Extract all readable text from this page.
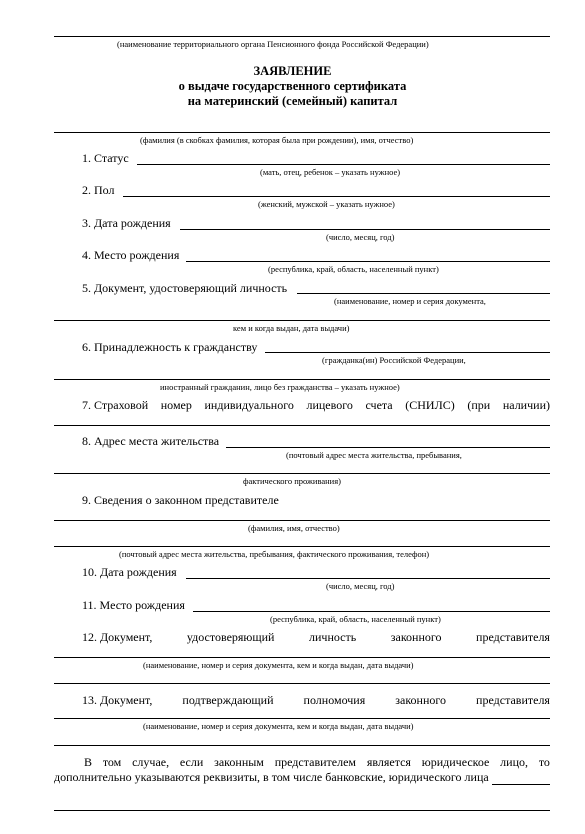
(наименование территориального органа Пенсионного фонда Российской Федерации)
ЗАЯВЛЕНИЕ
о выдаче государственного сертификата
на материнский (семейный) капитал
(фамилия (в скобках фамилия, которая была при рождении), имя, отчество)
1. Статус
(мать, отец, ребенок – указать нужное)
2. Пол
(женский, мужской – указать нужное)
3. Дата рождения
(число, месяц, год)
4. Место рождения
(республика, край, область, населенный пункт)
5. Документ, удостоверяющий личность
(наименование, номер и серия документа,
кем и когда выдан, дата выдачи)
6. Принадлежность к гражданству
(гражданка(ин) Российской Федерации,
иностранный гражданин, лицо без гражданства – указать нужное)
7. Страховой номер индивидуального лицевого счета (СНИЛС) (при наличии)
8. Адрес места жительства
(почтовый адрес места жительства, пребывания,
фактического проживания)
9. Сведения о законном представителе
(фамилия, имя, отчество)
(почтовый адрес места жительства, пребывания, фактического проживания, телефон)
10. Дата рождения
(число, месяц, год)
11. Место рождения
(республика, край, область, населенный пункт)
12. Документ,	удостоверяющий	личность	законного	представителя
(наименование, номер и серия документа, кем и когда выдан, дата выдачи)
13. Документ,	подтверждающий	полномочия	законного	представителя
(наименование, номер и серия документа, кем и когда выдан, дата выдачи)
В том случае, если законным представителем является юридическое лицо, то
дополнительно указываются реквизиты, в том числе банковские, юридического лица
